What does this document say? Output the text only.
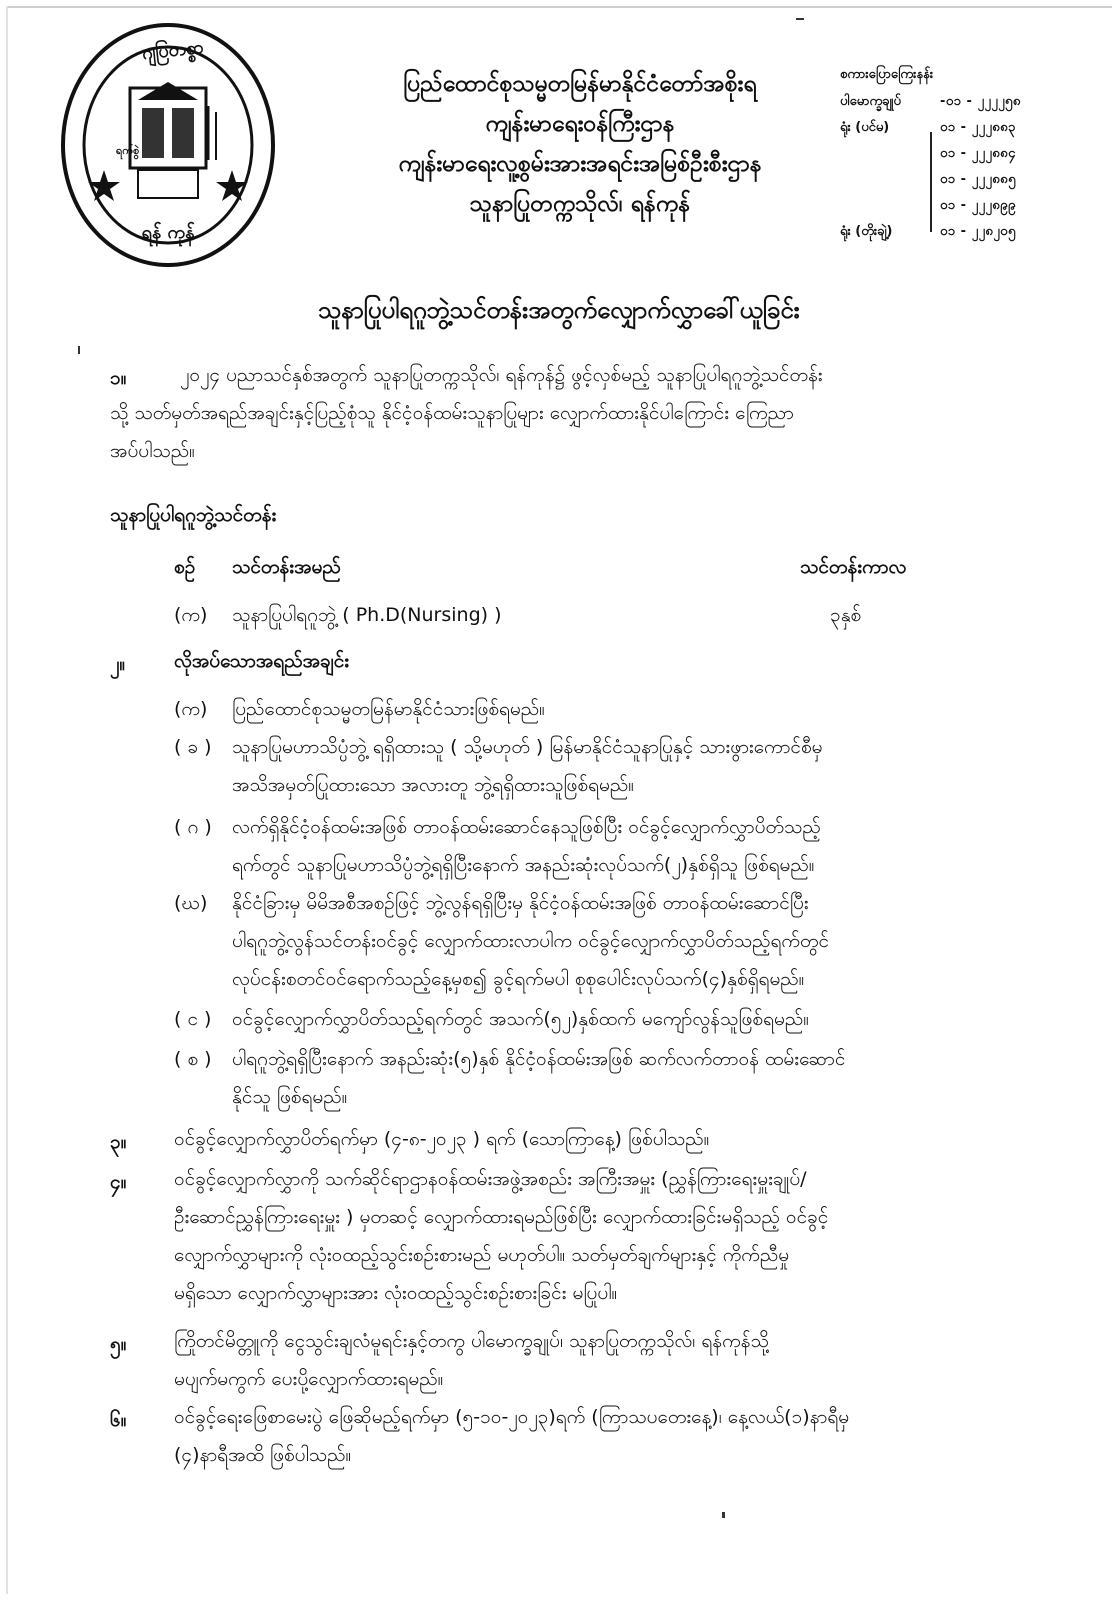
ဂျပြတစ္စာ
ရက်စွဲ
ရန် ကုန်
ပြည်ထောင်စုသမ္မတမြန်မာနိုင်ငံတော်အစိုးရ
ကျန်းမာရေးဝန်ကြီးဌာန
ကျန်းမာရေးလူ့စွမ်းအားအရင်းအမြစ်ဦးစီးဌာန
သူနာပြုတက္ကသိုလ်၊ ရန်ကုန်
စကားပြောကြေးနန်း
ပါမောက္ခချုပ်	-၀၁ - ၂၂၂၂၅၈
ရုံး (ပင်မ)	၀၁ - ၂၂၂၈၈၃
၀၁ - ၂၂၂၈၈၄
၀၁ - ၂၂၂၈၈၅
၀၁ - ၂၂၂၈၉၉
ရုံး (တိုးချဲ့)	၀၁ - ၂၂၈၂၀၅
သူနာပြုပါရဂူဘွဲ့သင်တန်းအတွက်လျှောက်လွှာခေါ်ယူခြင်း
၁။	၂၀၂၄ ပညာသင်နှစ်အတွက် သူနာပြုတက္ကသိုလ်၊ ရန်ကုန်၌ ဖွင့်လှစ်မည့် သူနာပြုပါရဂူဘွဲ့သင်တန်း
သို့ သတ်မှတ်အရည်အချင်းနှင့်ပြည့်စုံသူ နိုင်ငံ့ဝန်ထမ်းသူနာပြုများ လျှောက်ထားနိုင်ပါကြောင်း ကြေညာ
အပ်ပါသည်။
သူနာပြုပါရဂူဘွဲ့သင်တန်း
စဉ် သင်တန်းအမည်	သင်တန်းကာလ
(က) သူနာပြုပါရဂူဘွဲ့ ( Ph.D(Nursing) )	၃နှစ်
၂။	လိုအပ်သောအရည်အချင်း
(က) ပြည်ထောင်စုသမ္မတမြန်မာနိုင်ငံသားဖြစ်ရမည်။
( ခ ) သူနာပြုမဟာသိပ္ပံဘွဲ့ ရရှိထားသူ ( သို့မဟုတ် ) မြန်မာနိုင်ငံသူနာပြုနှင့် သားဖွားကောင်စီမှ
အသိအမှတ်ပြုထားသော အလားတူ ဘွဲ့ရရှိထားသူဖြစ်ရမည်။
( ဂ ) လက်ရှိနိုင်ငံ့ဝန်ထမ်းအဖြစ် တာဝန်ထမ်းဆောင်နေသူဖြစ်ပြီး ဝင်ခွင့်လျှောက်လွှာပိတ်သည့်
ရက်တွင် သူနာပြုမဟာသိပ္ပံဘွဲ့ရရှိပြီးနောက် အနည်းဆုံးလုပ်သက်(၂)နှစ်ရှိသူ ဖြစ်ရမည်။
(ဃ) နိုင်ငံခြားမှ မိမိအစီအစဉ်ဖြင့် ဘွဲ့လွန်ရရှိပြီးမှ နိုင်ငံ့ဝန်ထမ်းအဖြစ် တာဝန်ထမ်းဆောင်ပြီး
ပါရဂူဘွဲ့လွန်သင်တန်းဝင်ခွင့် လျှောက်ထားလာပါက ဝင်ခွင့်လျှောက်လွှာပိတ်သည့်ရက်တွင်
လုပ်ငန်းစတင်ဝင်ရောက်သည့်နေ့မှစ၍ ခွင့်ရက်မပါ စုစုပေါင်းလုပ်သက်(၄)နှစ်ရှိရမည်။
( င ) ဝင်ခွင့်လျှောက်လွှာပိတ်သည့်ရက်တွင် အသက်(၅၂)နှစ်ထက် မကျော်လွန်သူဖြစ်ရမည်။
( စ ) ပါရဂူဘွဲ့ရရှိပြီးနောက် အနည်းဆုံး(၅)နှစ် နိုင်ငံ့ဝန်ထမ်းအဖြစ် ဆက်လက်တာဝန် ထမ်းဆောင်
နိုင်သူ ဖြစ်ရမည်။
၃။	ဝင်ခွင့်လျှောက်လွှာပိတ်ရက်မှာ (၄-၈-၂၀၂၃ ) ရက် (သောကြာနေ့) ဖြစ်ပါသည်။
၄။	ဝင်ခွင့်လျှောက်လွှာကို သက်ဆိုင်ရာဌာနဝန်ထမ်းအဖွဲ့အစည်း အကြီးအမှူး (ညွှန်ကြားရေးမှူးချုပ်/
ဦးဆောင်ညွှန်ကြားရေးမှူး ) မှတဆင့် လျှောက်ထားရမည်ဖြစ်ပြီး လျှောက်ထားခြင်းမရှိသည့် ဝင်ခွင့်
လျှောက်လွှာများကို လုံးဝထည့်သွင်းစဉ်းစားမည် မဟုတ်ပါ။ သတ်မှတ်ချက်များနှင့် ကိုက်ညီမှု
မရှိသော လျှောက်လွှာများအား လုံးဝထည့်သွင်းစဉ်းစားခြင်း မပြုပါ။
၅။	ကြိုတင်မိတ္တူကို ငွေသွင်းချလံမူရင်းနှင့်တကွ ပါမောက္ခချုပ်၊ သူနာပြုတက္ကသိုလ်၊ ရန်ကုန်သို့
မပျက်မကွက် ပေးပို့လျှောက်ထားရမည်။
၆။	ဝင်ခွင့်ရေးဖြေစာမေးပွဲ ဖြေဆိုမည့်ရက်မှာ (၅-၁၀-၂၀၂၃)ရက် (ကြာသပတေးနေ့)၊ နေ့လယ်(၁)နာရီမှ
(၄)နာရီအထိ ဖြစ်ပါသည်။
